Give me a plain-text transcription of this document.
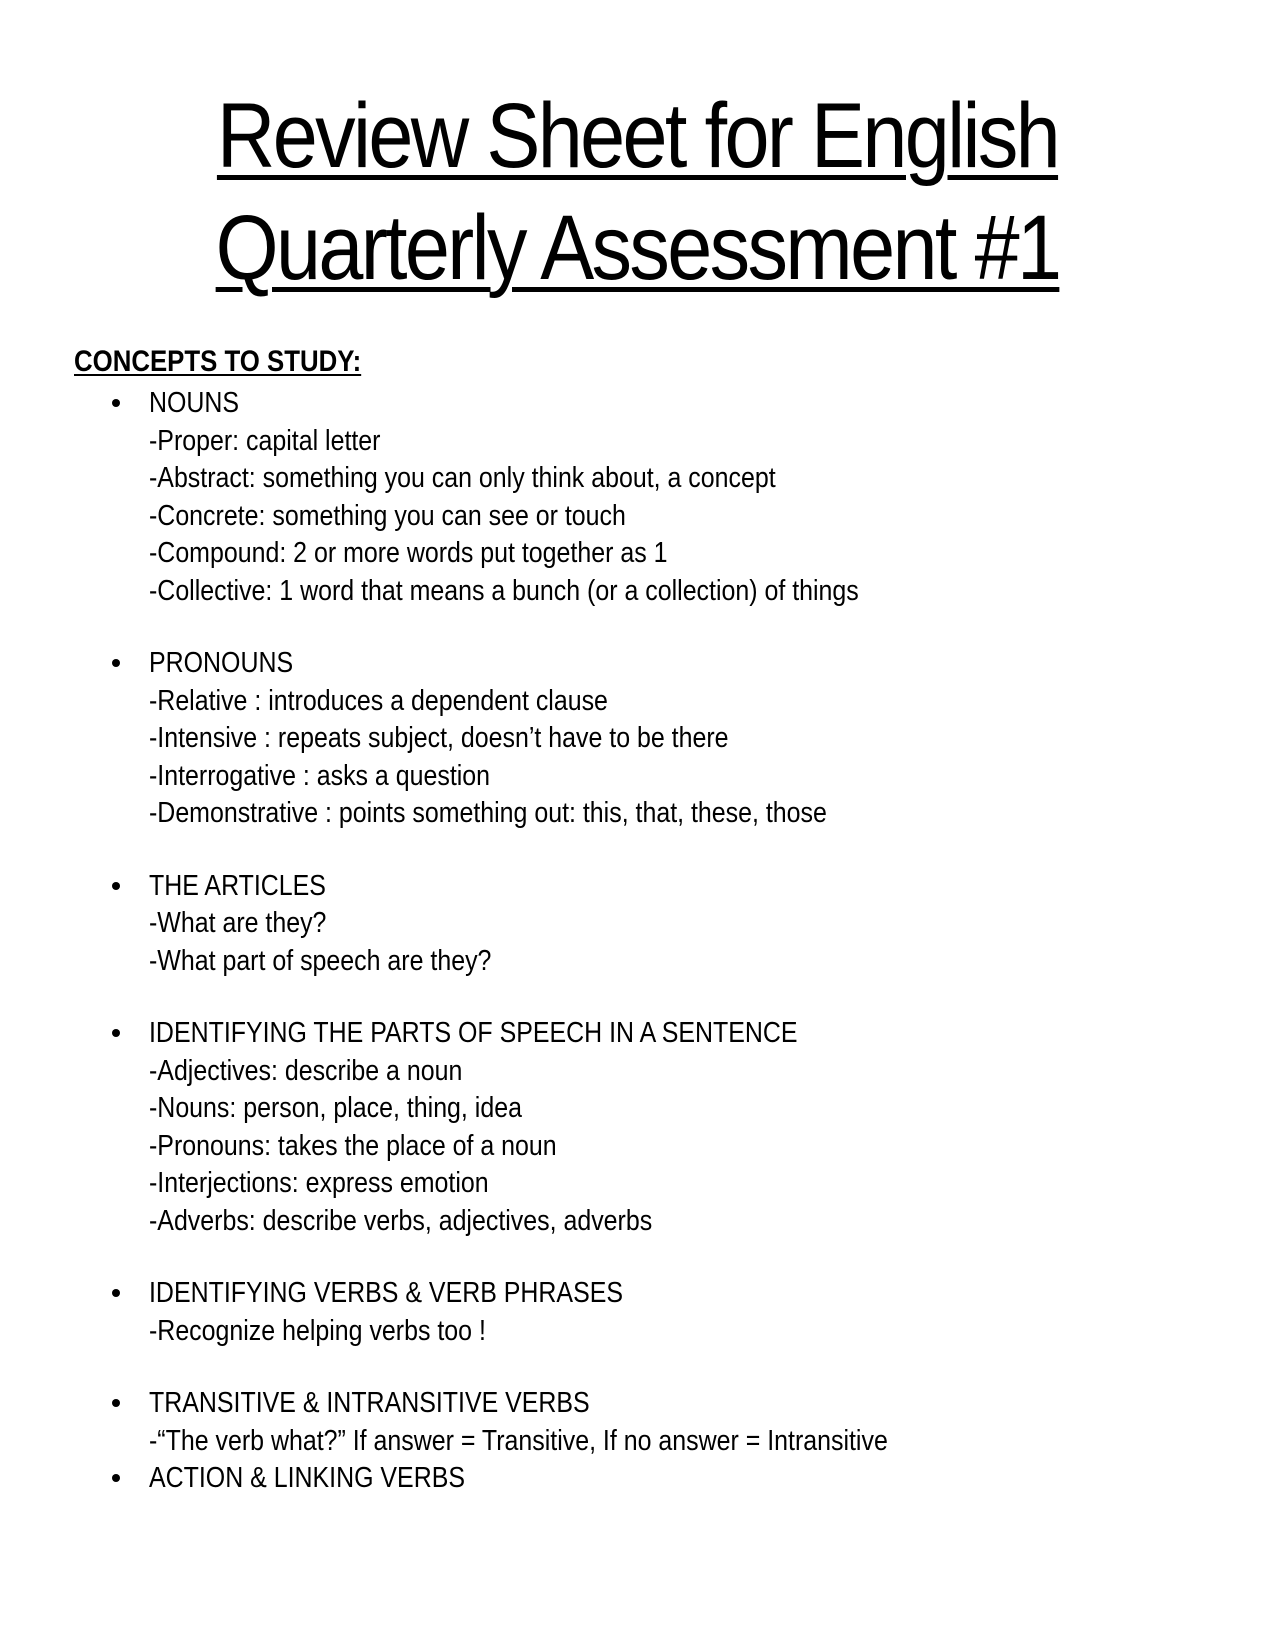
Review Sheet for English
Quarterly Assessment #1
CONCEPTS TO STUDY:
NOUNS
-Proper: capital letter
-Abstract: something you can only think about, a concept
-Concrete: something you can see or touch
-Compound: 2 or more words put together as 1
-Collective: 1 word that means a bunch (or a collection) of things
PRONOUNS
-Relative : introduces a dependent clause
-Intensive : repeats subject, doesn’t have to be there
-Interrogative : asks a question
-Demonstrative : points something out: this, that, these, those
THE ARTICLES
-What are they?
-What part of speech are they?
IDENTIFYING THE PARTS OF SPEECH IN A SENTENCE
-Adjectives: describe a noun
-Nouns: person, place, thing, idea
-Pronouns: takes the place of a noun
-Interjections: express emotion
-Adverbs: describe verbs, adjectives, adverbs
IDENTIFYING VERBS & VERB PHRASES
-Recognize helping verbs too !
TRANSITIVE & INTRANSITIVE VERBS
-“The verb what?” If answer = Transitive, If no answer = Intransitive
ACTION & LINKING VERBS
